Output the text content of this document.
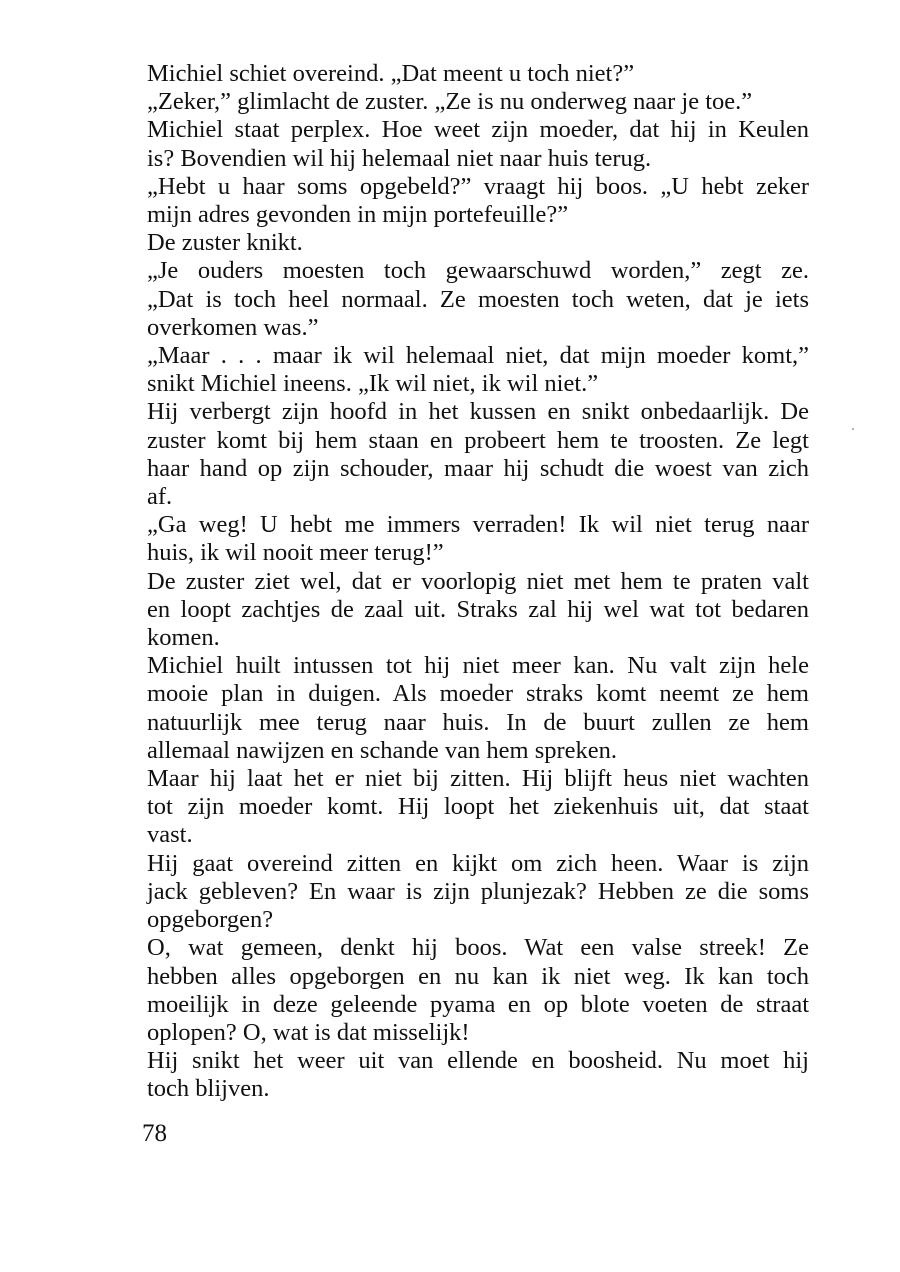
Michiel schiet overeind. „Dat meent u toch niet?”
„Zeker,” glimlacht de zuster. „Ze is nu onderweg naar je toe.”
Michiel staat perplex. Hoe weet zijn moeder, dat hij in Keulen
is? Bovendien wil hij helemaal niet naar huis terug.
„Hebt u haar soms opgebeld?” vraagt hij boos. „U hebt zeker
mijn adres gevonden in mijn portefeuille?”
De zuster knikt.
„Je ouders moesten toch gewaarschuwd worden,” zegt ze.
„Dat is toch heel normaal. Ze moesten toch weten, dat je iets
overkomen was.”
„Maar . . . maar ik wil helemaal niet, dat mijn moeder komt,”
snikt Michiel ineens. „Ik wil niet, ik wil niet.”
Hij verbergt zijn hoofd in het kussen en snikt onbedaarlijk. De
zuster komt bij hem staan en probeert hem te troosten. Ze legt
haar hand op zijn schouder, maar hij schudt die woest van zich
af.
„Ga weg! U hebt me immers verraden! Ik wil niet terug naar
huis, ik wil nooit meer terug!”
De zuster ziet wel, dat er voorlopig niet met hem te praten valt
en loopt zachtjes de zaal uit. Straks zal hij wel wat tot bedaren
komen.
Michiel huilt intussen tot hij niet meer kan. Nu valt zijn hele
mooie plan in duigen. Als moeder straks komt neemt ze hem
natuurlijk mee terug naar huis. In de buurt zullen ze hem
allemaal nawijzen en schande van hem spreken.
Maar hij laat het er niet bij zitten. Hij blijft heus niet wachten
tot zijn moeder komt. Hij loopt het ziekenhuis uit, dat staat
vast.
Hij gaat overeind zitten en kijkt om zich heen. Waar is zijn
jack gebleven? En waar is zijn plunjezak? Hebben ze die soms
opgeborgen?
O, wat gemeen, denkt hij boos. Wat een valse streek! Ze
hebben alles opgeborgen en nu kan ik niet weg. Ik kan toch
moeilijk in deze geleende pyama en op blote voeten de straat
oplopen? O, wat is dat misselijk!
Hij snikt het weer uit van ellende en boosheid. Nu moet hij
toch blijven.
78
